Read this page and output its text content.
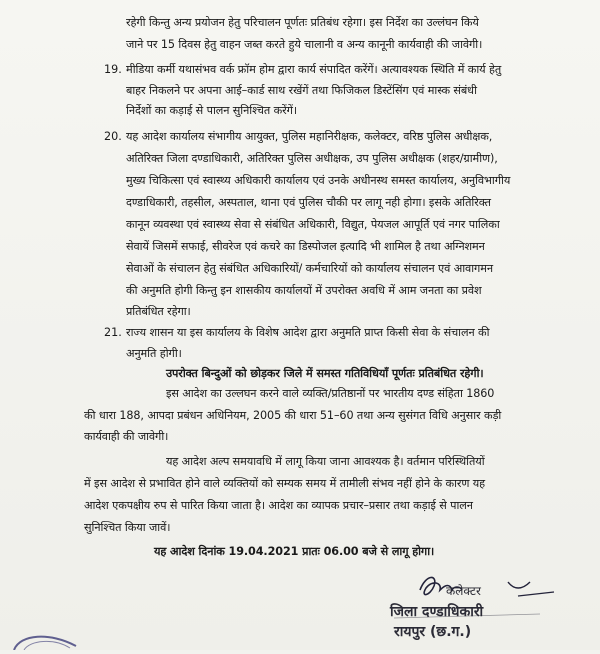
रहेगी किन्तु अन्य प्रयोजन हेतु परिचालन पूर्णतः प्रतिबंध रहेगा। इस निर्देश का उल्लंघन किये
जाने पर 15 दिवस हेतु वाहन जब्त करते हुये चालानी व अन्य कानूनी कार्यवाही की जावेगी।
19. मीडिया कर्मी यथासंभव वर्क फ्रॉम होम द्वारा कार्य संपादित करेंगें। अत्यावश्यक स्थिति में कार्य हेतु
बाहर निकलने पर अपना आई–कार्ड साथ रखेंगें तथा फिजिकल डिस्टेंसिंग एवं मास्क संबंधी
निर्देशों का कड़ाई से पालन सुनिश्चित करेंगें।
20. यह आदेश कार्यालय संभागीय आयुक्त, पुलिस महानिरीक्षक, कलेक्टर, वरिष्ठ पुलिस अधीक्षक,
अतिरिक्त जिला दण्डाधिकारी, अतिरिक्त पुलिस अधीक्षक, उप पुलिस अधीक्षक (शहर/ग्रामीण),
मुख्य चिकित्सा एवं स्वास्थ्य अधिकारी कार्यालय एवं उनके अधीनस्थ समस्त कार्यालय, अनुविभागीय
दण्डाधिकारी, तहसील, अस्पताल, थाना एवं पुलिस चौकी पर लागू नही होगा। इसके अतिरिक्त
कानून व्यवस्था एवं स्वास्थ्य सेवा से संबंधित अधिकारी, विद्युत, पेयजल आपूर्ति एवं नगर पालिका
सेवायें जिसमें सफाई, सीवरेज एवं कचरे का डिस्पोजल इत्यादि भी शामिल है तथा अग्निशमन
सेवाओं के संचालन हेतु संबंधित अधिकारियों/ कर्मचारियों को कार्यालय संचालन एवं आवागमन
की अनुमति होगी किन्तु इन शासकीय कार्यालयों में उपरोक्त अवधि में आम जनता का प्रवेश
प्रतिबंधित रहेगा।
21. राज्य शासन या इस कार्यालय के विशेष आदेश द्वारा अनुमति प्राप्त किसी सेवा के संचालन की
अनुमति होगी।
उपरोक्त बिन्दुओं को छोड़कर जिले में समस्त गतिविधियाँ पूर्णतः प्रतिबंधित रहेगी।
इस आदेश का उल्लघन करने वाले व्यक्ति/प्रतिष्ठानों पर भारतीय दण्ड संहिता 1860
की धारा 188, आपदा प्रबंधन अधिनियम, 2005 की धारा 51–60 तथा अन्य सुसंगत विधि अनुसार कड़ी
कार्यवाही की जावेगी।
यह आदेश अल्प समयावधि में लागू किया जाना आवश्यक है। वर्तमान परिस्थितियों
में इस आदेश से प्रभावित होने वाले व्यक्तियों को सम्यक समय में तामीली संभव नहीं होने के कारण यह
आदेश एकपक्षीय रुप से पारित किया जाता है। आदेश का व्यापक प्रचार–प्रसार तथा कड़ाई से पालन
सुनिश्चित किया जावें।
यह आदेश दिनांक 19.04.2021 प्रातः 06.00 बजे से लागू होगा।
कलेक्टर
जिला दण्डाधिकारी
रायपुर (छ.ग.)
